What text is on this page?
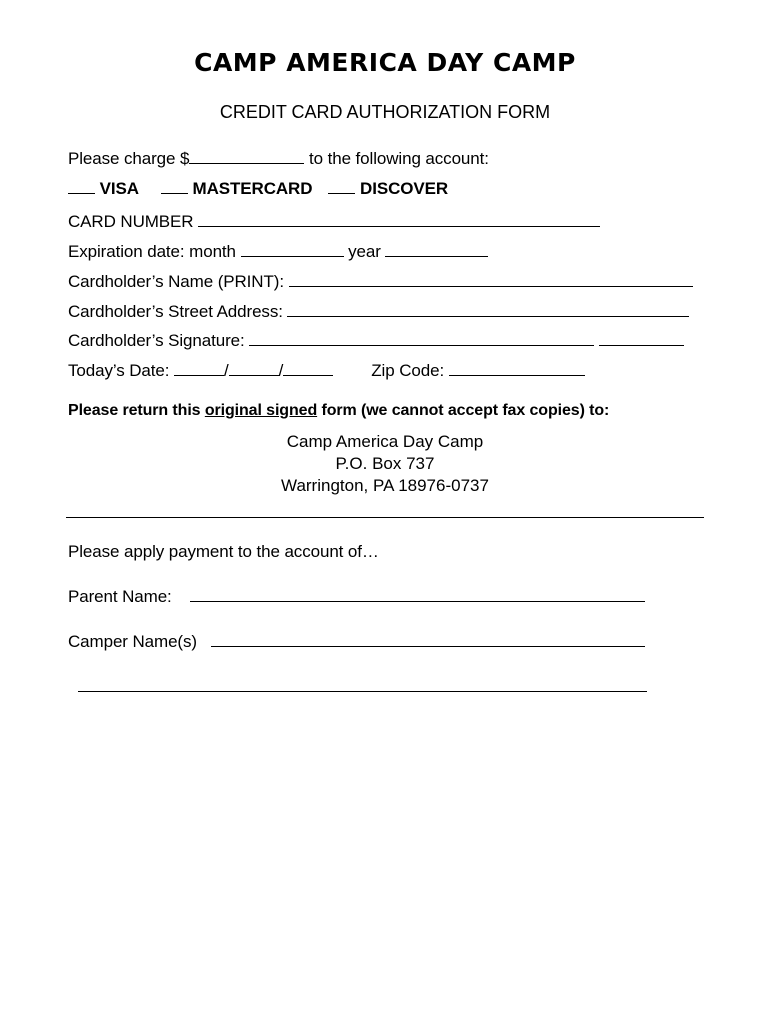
CAMP AMERICA DAY CAMP
CREDIT CARD AUTHORIZATION FORM
Please charge $	to the following account:
VISA	MASTERCARD	DISCOVER
CARD NUMBER
Expiration date: month	year
Cardholder’s Name (PRINT):
Cardholder’s Street Address:
Cardholder’s Signature:
Today’s Date:	/	/	Zip Code:
Please return this original signed form (we cannot accept fax copies) to:
Camp America Day Camp
P.O. Box 737
Warrington, PA 18976-0737
Please apply payment to the account of…
Parent Name:
Camper Name(s)
